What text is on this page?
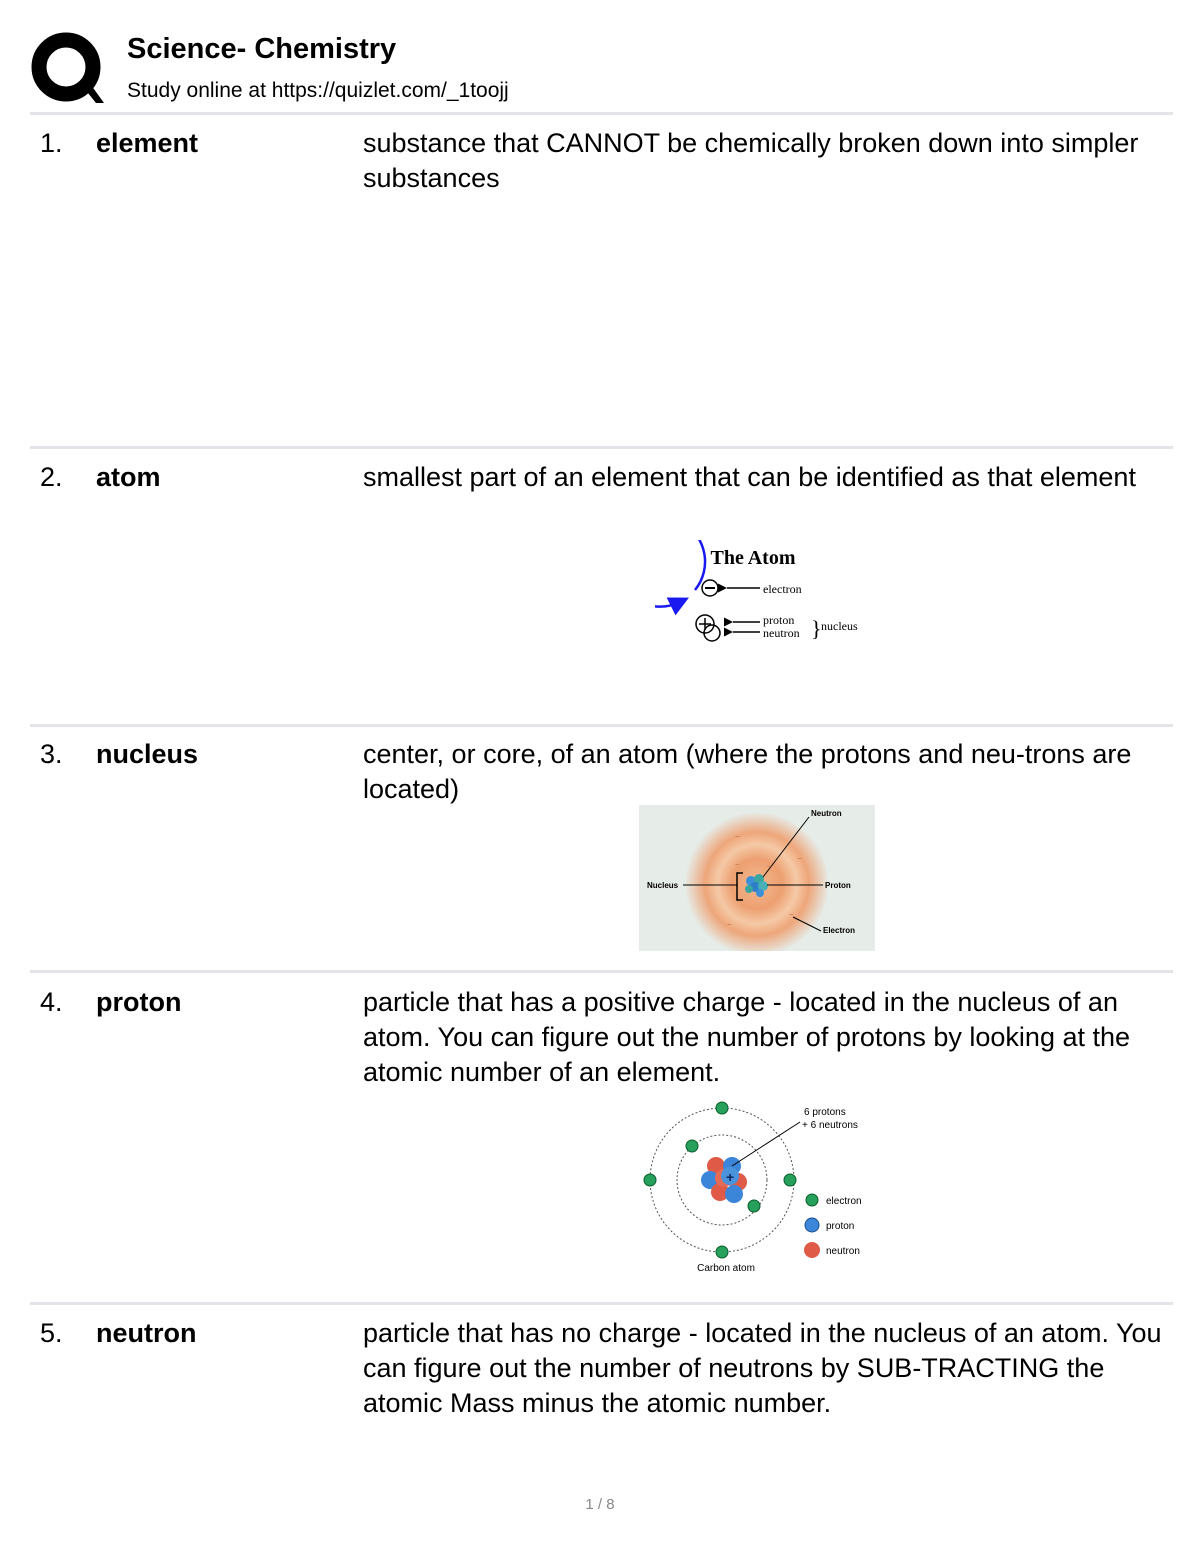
Science- Chemistry
Study online at https://quizlet.com/_1toojj
1. element	substance that CANNOT be chemically broken down into simpler substances
2. atom	smallest part of an element that can be identified as that element
The Atom
electron
proton
neutron } nucleus
3. nucleus	center, or core, of an atom (where the protons and neu-trons are located)
−
−
−
−
−	−
Nucleus
Neutron
Proton
Electron
4. proton	particle that has a positive charge - located in the nucleus of an atom. You can figure out the number of protons by looking at the atomic number of an element.
+
6 protons
+ 6 neutrons
electron
proton
neutron
Carbon atom
5. neutron	particle that has no charge - located in the nucleus of an atom. You can figure out the number of neutrons by SUB-TRACTING the atomic Mass minus the atomic number.
1 / 8
